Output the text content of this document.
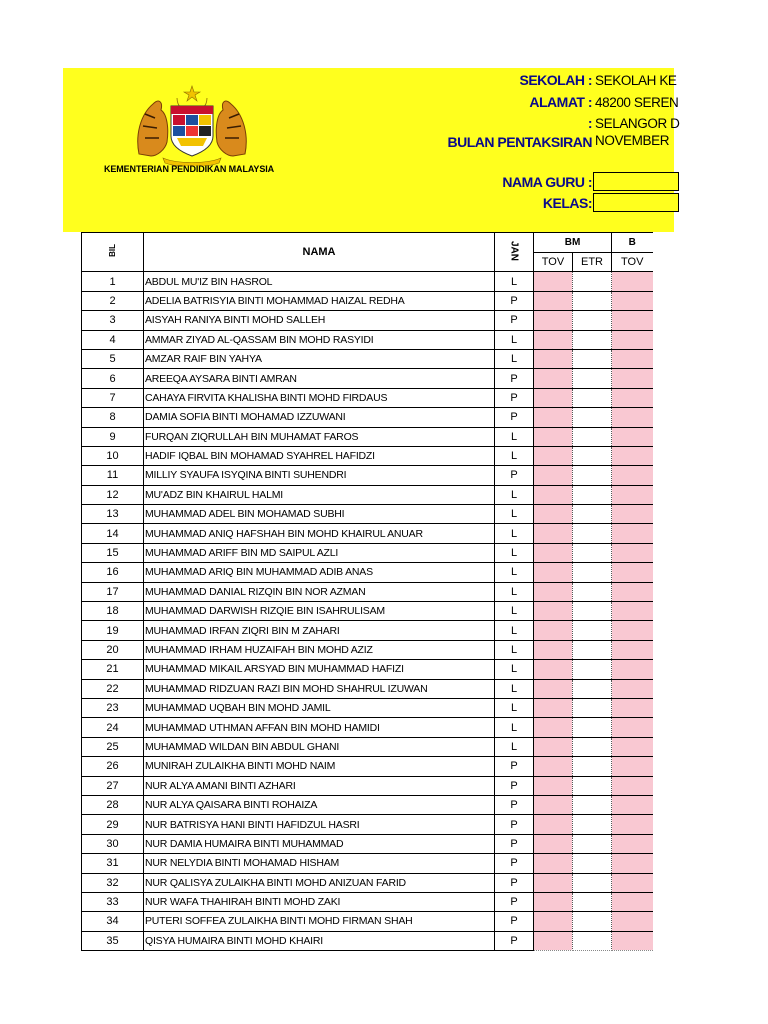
KEMENTERIAN PENDIDIKAN MALAYSIA
SEKOLAH : SEKOLAH KE
ALAMAT : 48200 SEREN
: SELANGOR D
BULAN PENTAKSIRAN NOVEMBER
NAMA GURU :
KELAS:
BIL	NAMA	JAN	BM		B
			TOV	ETR	TOV
1	ABDUL MU'IZ BIN HASROL	L			
2	ADELIA BATRISYIA BINTI MOHAMMAD HAIZAL REDHA	P			
3	AISYAH RANIYA BINTI MOHD SALLEH	P			
4	AMMAR ZIYAD AL-QASSAM BIN MOHD RASYIDI	L			
5	AMZAR RAIF BIN YAHYA	L			
6	AREEQA AYSARA BINTI AMRAN	P			
7	CAHAYA FIRVITA KHALISHA BINTI MOHD FIRDAUS	P			
8	DAMIA SOFIA BINTI MOHAMAD IZZUWANI	P			
9	FURQAN ZIQRULLAH BIN MUHAMAT FAROS	L			
10	HADIF IQBAL BIN MOHAMAD SYAHREL HAFIDZI	L			
11	MILLIY SYAUFA ISYQINA BINTI SUHENDRI	P			
12	MU'ADZ BIN KHAIRUL HALMI	L			
13	MUHAMMAD ADEL BIN MOHAMAD SUBHI	L			
14	MUHAMMAD ANIQ HAFSHAH BIN MOHD KHAIRUL ANUAR	L			
15	MUHAMMAD ARIFF BIN MD SAIPUL AZLI	L			
16	MUHAMMAD ARIQ BIN MUHAMMAD ADIB ANAS	L			
17	MUHAMMAD DANIAL RIZQIN BIN NOR AZMAN	L			
18	MUHAMMAD DARWISH RIZQIE BIN ISAHRULISAM	L			
19	MUHAMMAD IRFAN ZIQRI BIN M ZAHARI	L			
20	MUHAMMAD IRHAM HUZAIFAH BIN MOHD AZIZ	L			
21	MUHAMMAD MIKAIL ARSYAD BIN MUHAMMAD HAFIZI	L			
22	MUHAMMAD RIDZUAN RAZI BIN MOHD SHAHRUL IZUWAN	L			
23	MUHAMMAD UQBAH BIN MOHD JAMIL	L			
24	MUHAMMAD UTHMAN AFFAN BIN MOHD HAMIDI	L			
25	MUHAMMAD WILDAN BIN ABDUL GHANI	L			
26	MUNIRAH ZULAIKHA BINTI MOHD NAIM	P			
27	NUR ALYA AMANI BINTI AZHARI	P			
28	NUR ALYA QAISARA BINTI ROHAIZA	P			
29	NUR BATRISYA HANI BINTI HAFIDZUL HASRI	P			
30	NUR DAMIA HUMAIRA BINTI MUHAMMAD	P			
31	NUR NELYDIA BINTI MOHAMAD HISHAM	P			
32	NUR QALISYA ZULAIKHA BINTI MOHD ANIZUAN FARID	P			
33	NUR WAFA THAHIRAH BINTI MOHD ZAKI	P			
34	PUTERI SOFFEA ZULAIKHA BINTI MOHD FIRMAN SHAH	P			
35	QISYA HUMAIRA BINTI MOHD KHAIRI	P			
